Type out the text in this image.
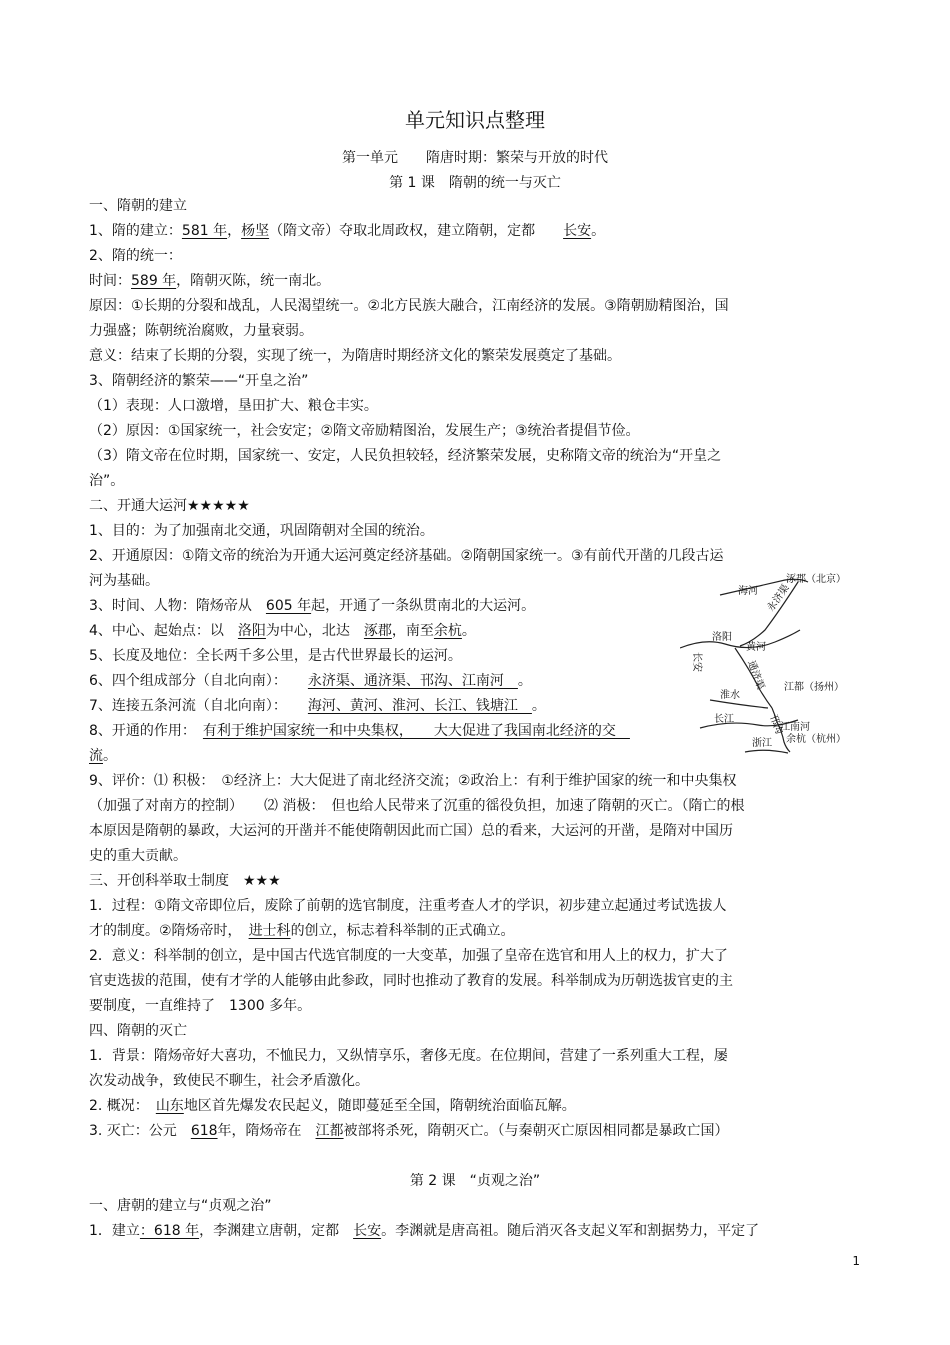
单元知识点整理
第一单元　　隋唐时期：繁荣与开放的时代
第 1 课　隋朝的统一与灭亡
一、隋朝的建立
1、隋的建立：581 年，杨坚（隋文帝）夺取北周政权，建立隋朝，定都　　长安。
2、隋的统一：
时间：589 年，隋朝灭陈，统一南北。
原因：①长期的分裂和战乱，人民渴望统一。②北方民族大融合，江南经济的发展。③隋朝励精图治，国
力强盛；陈朝统治腐败，力量衰弱。
意义：结束了长期的分裂，实现了统一，为隋唐时期经济文化的繁荣发展奠定了基础。
3、隋朝经济的繁荣——“开皇之治”
（1）表现：人口激增，垦田扩大、粮仓丰实。
（2）原因：①国家统一，社会安定；②隋文帝励精图治，发展生产；③统治者提倡节俭。
（3）隋文帝在位时期，国家统一、安定，人民负担较轻，经济繁荣发展，史称隋文帝的统治为“开皇之
治”。
二、开通大运河★★★★★
1、目的：为了加强南北交通，巩固隋朝对全国的统治。
2、开通原因：①隋文帝的统治为开通大运河奠定经济基础。②隋朝国家统一。③有前代开凿的几段古运
河为基础。
3、时间、人物：隋炀帝从　605 年起，开通了一条纵贯南北的大运河。
4、中心、起始点：以　洛阳为中心，北达　涿郡，南至余杭。
5、长度及地位：全长两千多公里，是古代世界最长的运河。
6、四个组成部分（自北向南）：　　永济渠、通济渠、邗沟、江南河　。
7、连接五条河流（自北向南）：　　海河、黄河、淮河、长江、钱塘江　。
8、开通的作用：　有利于维护国家统一和中央集权，　　大大促进了我国南北经济的交　
流。
9、评价：⑴ 积极：　①经济上：大大促进了南北经济交流；②政治上：有利于维护国家的统一和中央集权
（加强了对南方的控制）　　⑵ 消极：　但也给人民带来了沉重的徭役负担，加速了隋朝的灭亡。（隋亡的根
本原因是隋朝的暴政，大运河的开凿并不能使隋朝因此而亡国）总的看来，大运河的开凿，是隋对中国历
史的重大贡献。
三、开创科举取士制度　★★★
1．过程：①隋文帝即位后，废除了前朝的选官制度，注重考查人才的学识，初步建立起通过考试选拔人
才的制度。②隋炀帝时，　进士科的创立，标志着科举制的正式确立。
2．意义：科举制的创立，是中国古代选官制度的一大变革，加强了皇帝在选官和用人上的权力，扩大了
官吏选拔的范围，使有才学的人能够由此参政，同时也推动了教育的发展。科举制成为历朝选拔官吏的主
要制度，一直维持了　1300 多年。
四、隋朝的灭亡
1．背景：隋炀帝好大喜功，不恤民力，又纵情享乐，奢侈无度。在位期间，营建了一系列重大工程，屡
次发动战争，致使民不聊生，社会矛盾激化。
2. 概况：　山东地区首先爆发农民起义，随即蔓延至全国，隋朝统治面临瓦解。
3. 灭亡：公元　618年，隋炀帝在　江都被部将杀死，隋朝灭亡。（与秦朝灭亡原因相同都是暴政亡国）
第 2 课　“贞观之治”
一、唐朝的建立与“贞观之治”
1．建立：618 年，李渊建立唐朝，定都　长安。李渊就是唐高祖。随后消灭各支起义军和割据势力，平定了
1
涿郡（北京）
海河 永济渠
洛阳
黄河
长安	通济渠
淮水
江都（扬州）
邗沟
长江
江南河
浙江 余杭（杭州）
